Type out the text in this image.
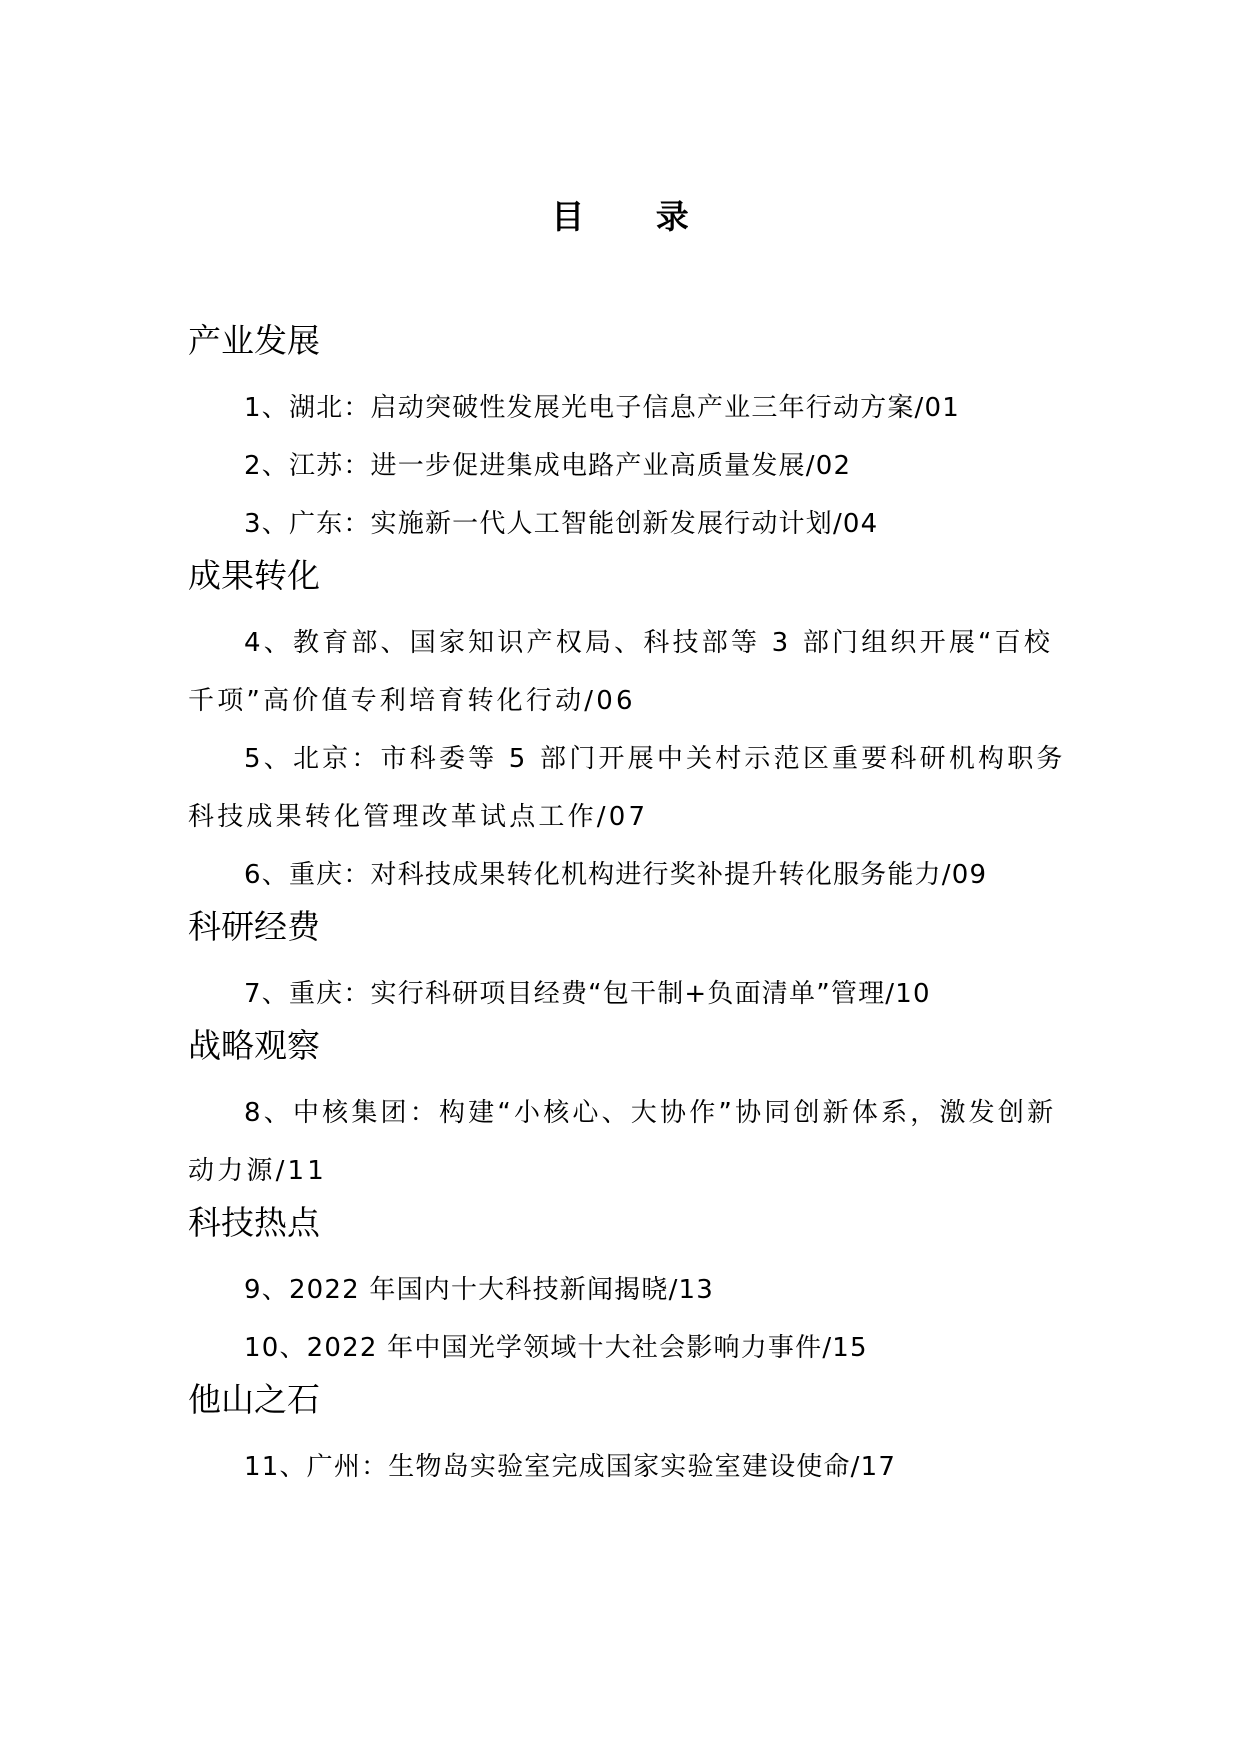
目 录
产业发展

1、湖北：启动突破性发展光电子信息产业三年行动方案/01

2、江苏：进一步促进集成电路产业高质量发展/02

3、广东：实施新一代人工智能创新发展行动计划/04

成果转化

4、教育部、国家知识产权局、科技部等 3 部门组织开展“百校千项”高价值专利培育转化行动/06

5、北京：市科委等 5 部门开展中关村示范区重要科研机构职务科技成果转化管理改革试点工作/07

6、重庆：对科技成果转化机构进行奖补提升转化服务能力/09

科研经费

7、重庆：实行科研项目经费“包干制+负面清单”管理/10

战略观察

8、中核集团：构建“小核心、大协作”协同创新体系，激发创新动力源/11

科技热点

9、2022 年国内十大科技新闻揭晓/13

10、2022 年中国光学领域十大社会影响力事件/15

他山之石

11、广州：生物岛实验室完成国家实验室建设使命/17
